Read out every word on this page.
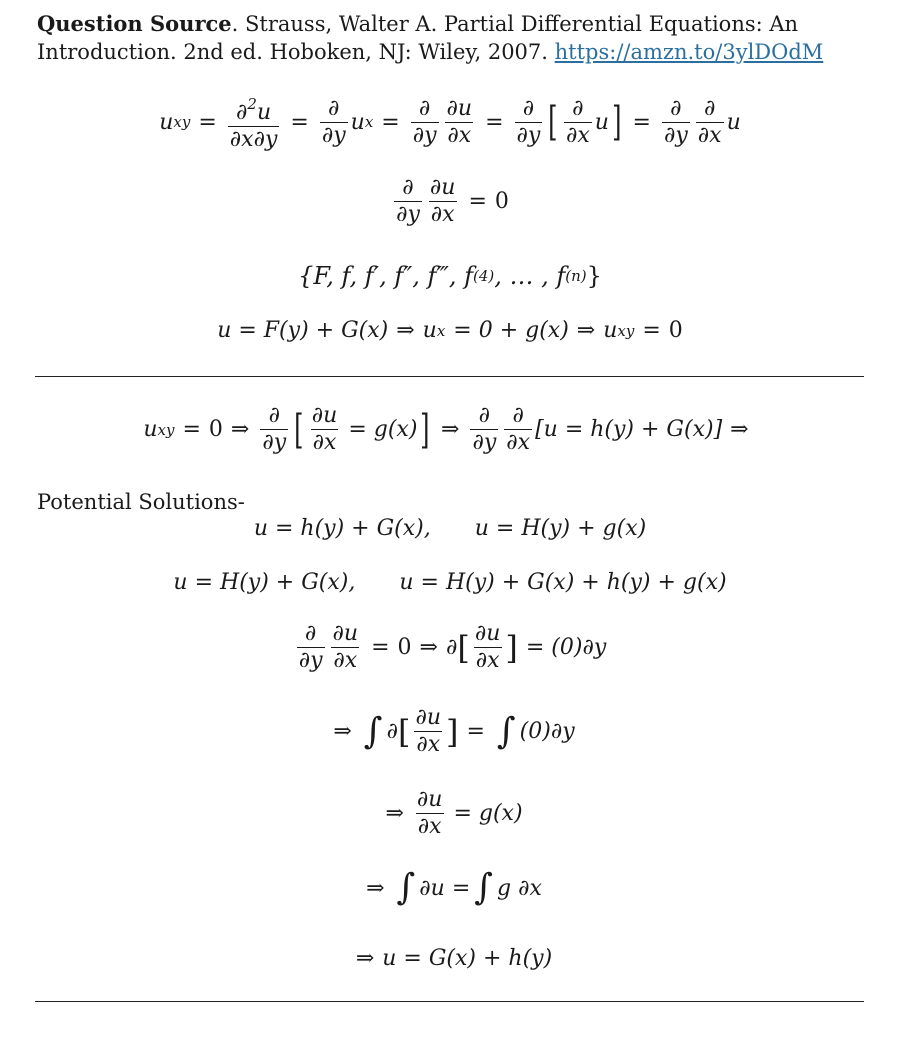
Question Source. Strauss, Walter A. Partial Differential Equations: An Introduction. 2nd ed. Hoboken, NJ: Wiley, 2007. https://amzn.to/3ylDOdM
u xy = $\frac{\partial^2u}{\partial x\partial y} = \frac{\partial}{\partial y}$ u $x = \frac{\partial}{\partial y} \frac{\partial u}{\partial x} = \frac{\partial}{\partial y}$ [ $\frac{\partial}{\partial x}$ u ] = $\frac{\partial}{\partial y} \frac{\partial}{\partial x}$ u
$\frac{\partial}{\partial y} \frac{\partial u}{\partial x} = 0$
{F, f, f′, f″, f‴, f (4) , … , f (n) }
u = F(y) + G(x) ⇒ u x = 0 + g(x) ⇒ u xy = 0
u xy = 0 ⇒ $\frac{\partial}{\partial y}$ [ $\frac{\partial u}{\partial x} = g(x)$ ] ⇒ $\frac{\partial}{\partial y} \frac{\partial}{\partial x} [u = h(y) + G(x)]$ ⇒
Potential Solutions-
u = h(y) + G(x), u = H(y) + g(x)
u = H(y) + G(x), u = H(y) + G(x) + h(y) + g(x)
$\frac{\partial}{\partial y} \frac{\partial u}{\partial x} = 0$ ⇒ ∂ [ $\frac{\partial u}{\partial x}$ ] = (0)∂y
⇒ ∫ ∂ [ $\frac{\partial u}{\partial x}$ ] = ∫ (0)∂y
⇒ $\frac{\partial u}{\partial x} = g(x)$
⇒ ∫ ∂u = ∫ g ∂x
⇒ u = G(x) + h(y)
